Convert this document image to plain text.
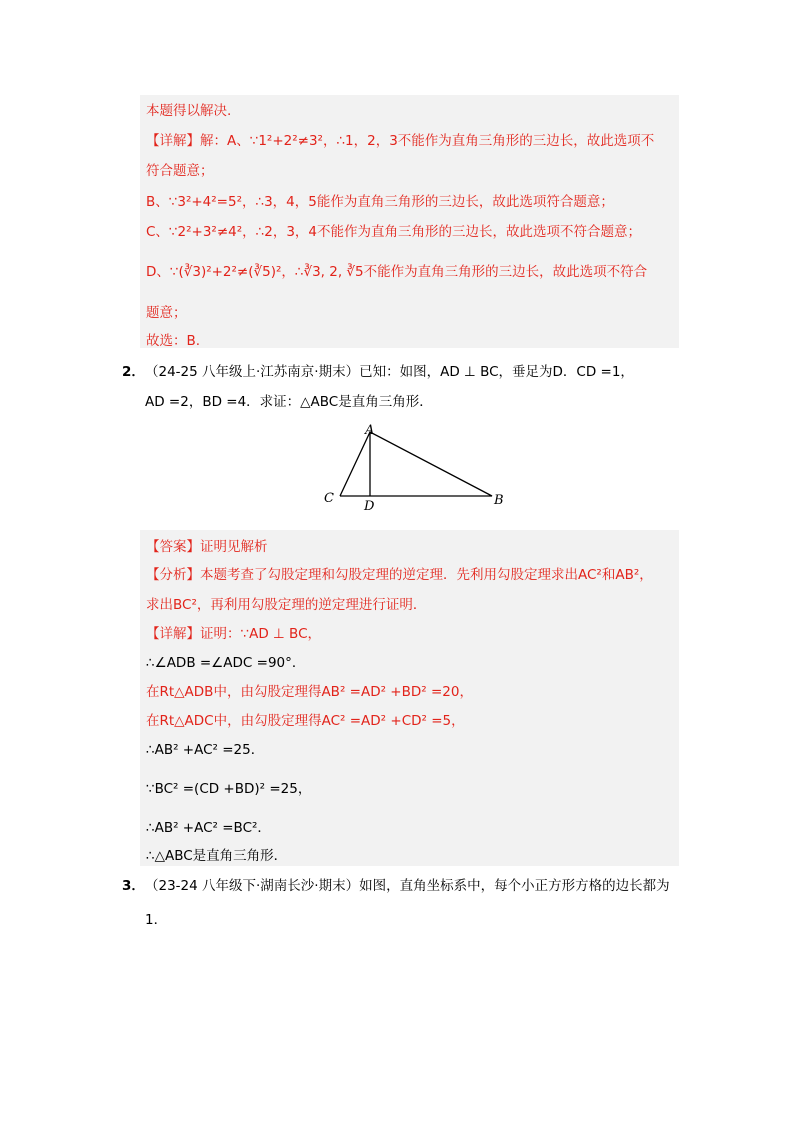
本题得以解决.
【详解】解：A、∵1²+2²≠3²，∴1，2，3不能作为直角三角形的三边长，故此选项不
符合题意；
B、∵3²+4²=5²，∴3，4，5能作为直角三角形的三边长，故此选项符合题意；
C、∵2²+3²≠4²，∴2，3，4不能作为直角三角形的三边长，故此选项不符合题意；
D、∵(∛3)²+2²≠(∛5)²，∴∛3, 2, ∛5不能作为直角三角形的三边长，故此选项不符合
题意；
故选：B.
2． （24-25 八年级上·江苏南京·期末）已知：如图，AD ⊥ BC，垂足为D．CD =1，
AD =2，BD =4．求证：△ABC是直角三角形．
A
C
D	B
【答案】证明见解析
【分析】本题考查了勾股定理和勾股定理的逆定理．先利用勾股定理求出AC²和AB²，
求出BC²，再利用勾股定理的逆定理进行证明．
【详解】证明：∵AD ⊥ BC，
∴∠ADB =∠ADC =90°．
在Rt△ADB中，由勾股定理得AB² =AD² +BD² =20，
在Rt△ADC中，由勾股定理得AC² =AD² +CD² =5，
∴AB² +AC² =25．
∵BC² =(CD +BD)² =25，
∴AB² +AC² =BC²．
∴△ABC是直角三角形．
3． （23-24 八年级下·湖南长沙·期末）如图，直角坐标系中，每个小正方形方格的边长都为
1．
